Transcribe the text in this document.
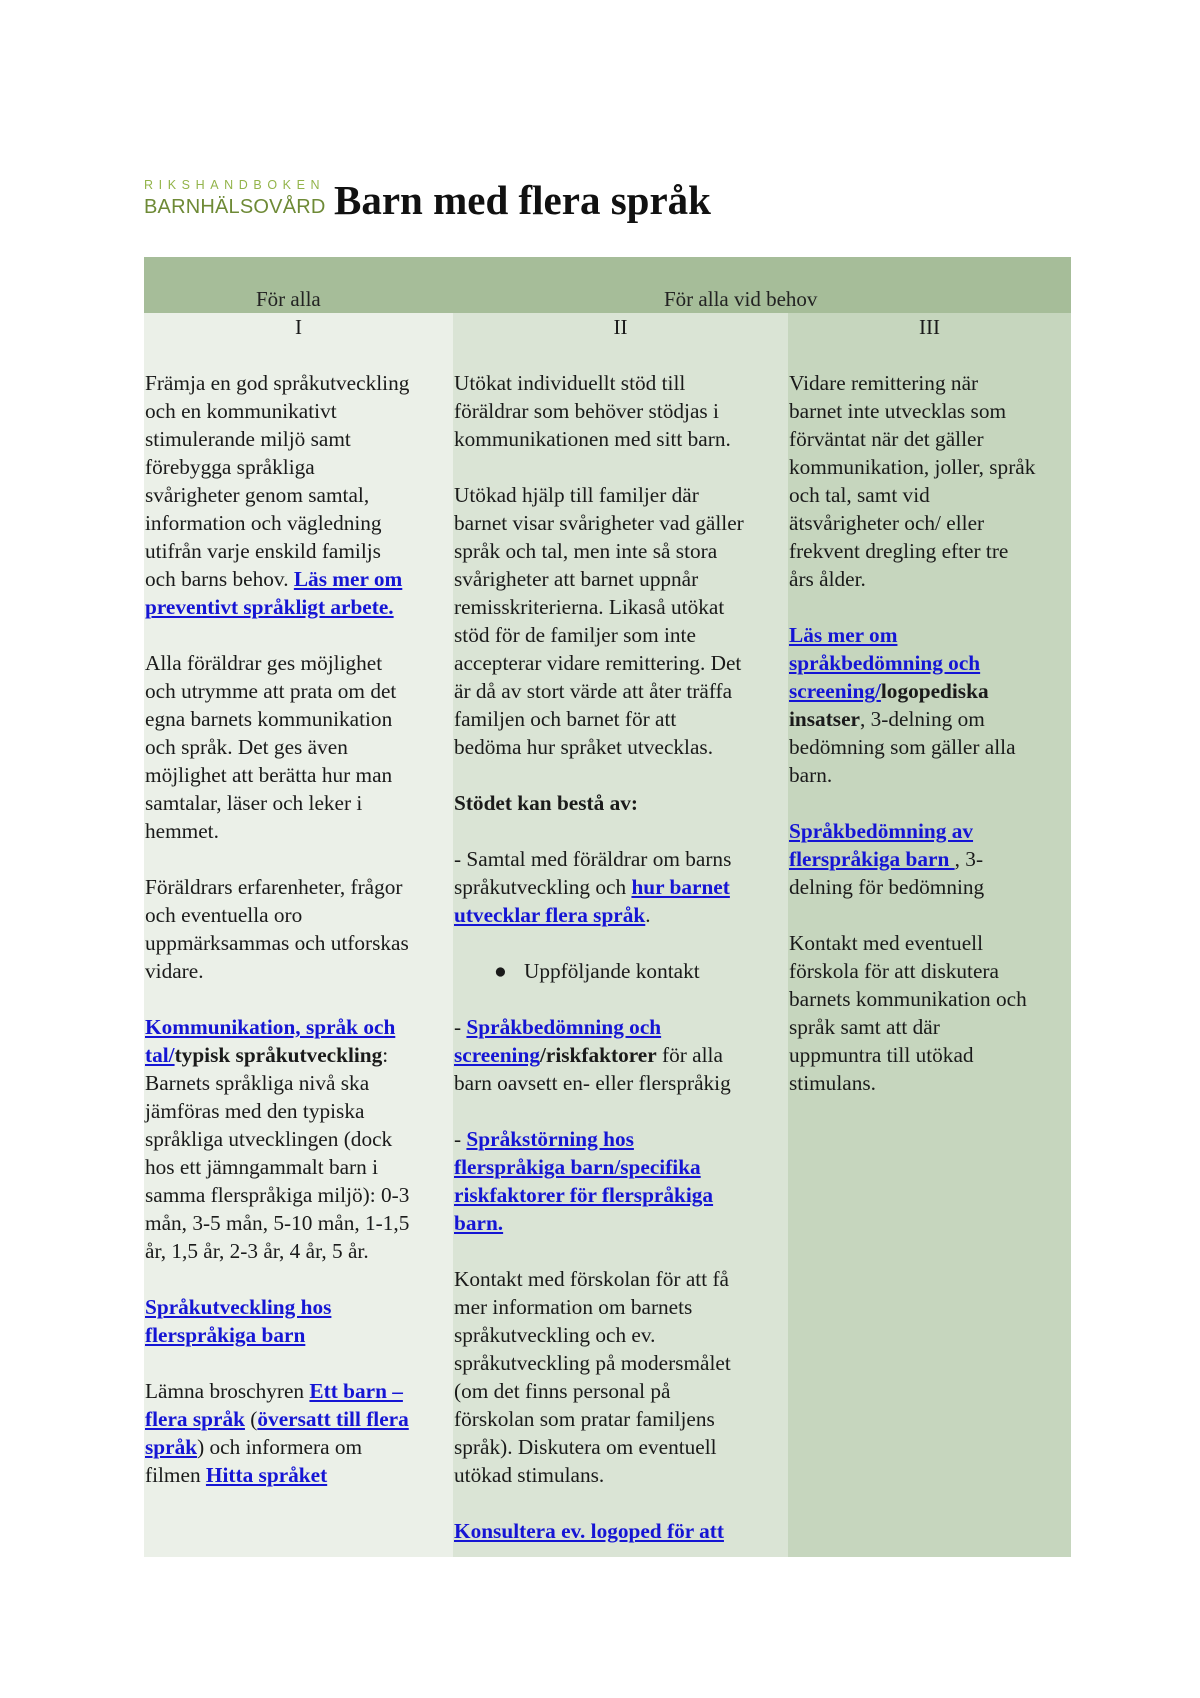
RIKSHANDBOKEN
BARNHÄLSOVÅRD Barn med flera språk
För alla	För alla vid behov
I

Främja en god språkutveckling
och en kommunikativt
stimulerande miljö samt
förebygga språkliga
svårigheter genom samtal,
information och vägledning
utifrån varje enskild familjs
och barns behov. Läs mer om
preventivt språkligt arbete.

Alla föräldrar ges möjlighet
och utrymme att prata om det
egna barnets kommunikation
och språk. Det ges även
möjlighet att berätta hur man
samtalar, läser och leker i
hemmet.

Föräldrars erfarenheter, frågor
och eventuella oro
uppmärksammas och utforskas
vidare.

Kommunikation, språk och
tal/typisk språkutveckling:
Barnets språkliga nivå ska
jämföras med den typiska
språkliga utvecklingen (dock
hos ett jämngammalt barn i
samma flerspråkiga miljö): 0-3
mån, 3-5 mån, 5-10 mån, 1-1,5
år, 1,5 år, 2-3 år, 4 år, 5 år.

Språkutveckling hos
flerspråkiga barn

Lämna broschyren Ett barn –
flera språk (översatt till flera
språk) och informera om
filmen Hitta språket

II

Utökat individuellt stöd till
föräldrar som behöver stödjas i
kommunikationen med sitt barn.

Utökad hjälp till familjer där
barnet visar svårigheter vad gäller
språk och tal, men inte så stora
svårigheter att barnet uppnår
remisskriterierna. Likaså utökat
stöd för de familjer som inte
accepterar vidare remittering. Det
är då av stort värde att åter träffa
familjen och barnet för att
bedöma hur språket utvecklas.

Stödet kan bestå av:

- Samtal med föräldrar om barns
språkutveckling och hur barnet
utvecklar flera språk.

● Uppföljande kontakt

- Språkbedömning och
screening/riskfaktorer för alla
barn oavsett en- eller flerspråkig

- Språkstörning hos
flerspråkiga barn/specifika
riskfaktorer för flerspråkiga
barn.

Kontakt med förskolan för att få
mer information om barnets
språkutveckling och ev.
språkutveckling på modersmålet
(om det finns personal på
förskolan som pratar familjens
språk). Diskutera om eventuell
utökad stimulans.

Konsultera ev. logoped för att

III

Vidare remittering när
barnet inte utvecklas som
förväntat när det gäller
kommunikation, joller, språk
och tal, samt vid
ätsvårigheter och/ eller
frekvent dregling efter tre
års ålder.

Läs mer om
språkbedömning och
screening/logopediska
insatser, 3-delning om
bedömning som gäller alla
barn.

Språkbedömning av
flerspråkiga barn , 3-
delning för bedömning

Kontakt med eventuell
förskola för att diskutera
barnets kommunikation och
språk samt att där
uppmuntra till utökad
stimulans.
